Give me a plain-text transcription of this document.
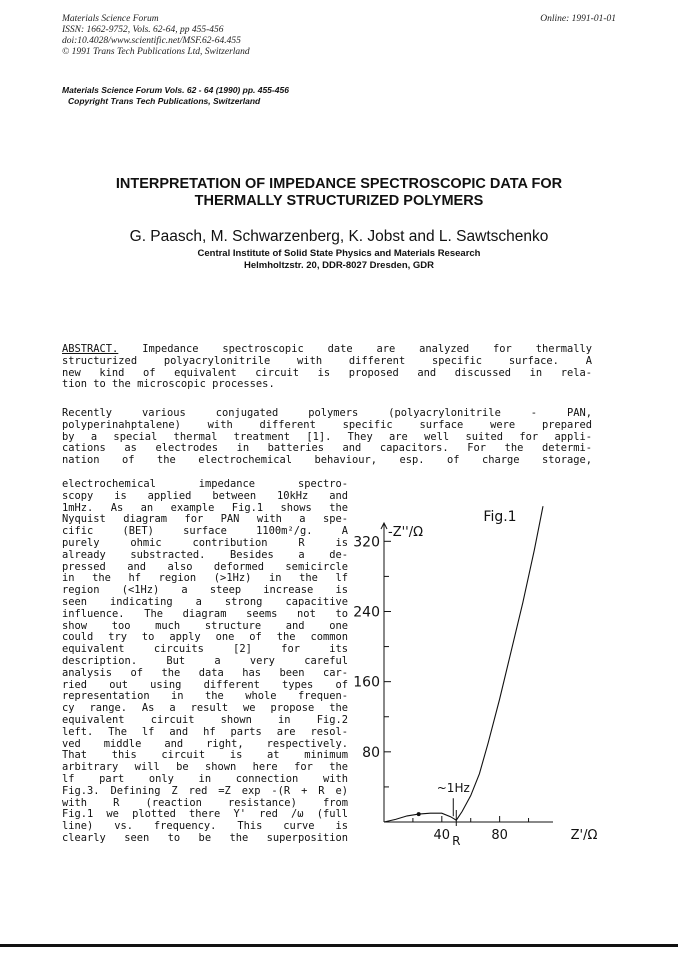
Materials Science Forum
ISSN: 1662-9752, Vols. 62-64, pp 455-456
doi:10.4028/www.scientific.net/MSF.62-64.455
© 1991 Trans Tech Publications Ltd, Switzerland
Online: 1991-01-01
Materials Science Forum Vols. 62 - 64 (1990) pp. 455-456
Copyright Trans Tech Publications, Switzerland
INTERPRETATION OF IMPEDANCE SPECTROSCOPIC DATA FOR
THERMALLY STRUCTURIZED POLYMERS
G. Paasch, M. Schwarzenberg, K. Jobst and L. Sawtschenko
Central Institute of Solid State Physics and Materials Research
Helmholtzstr. 20, DDR-8027 Dresden, GDR
ABSTRACT. Impedance spectroscopic date are analyzed for thermally
structurized polyacrylonitrile with different specific surface. A
new kind of equivalent circuit is proposed and discussed in rela-
tion to the microscopic processes.
Recently various conjugated polymers (polyacrylonitrile - PAN,
polyperinahptalene) with different specific surface were prepared
by a special thermal treatment [1]. They are well suited for appli-
cations as electrodes in batteries and capacitors. For the determi-
nation of the electrochemical behaviour, esp. of charge storage,
electrochemical impedance spectro-
scopy is applied between 10kHz and
1mHz. As an example Fig.1 shows the
Nyquist diagram for PAN with a spe-
cific (BET) surface 1100m²/g. A
purely ohmic contribution R is
already substracted. Besides a de-
pressed and also deformed semicircle
in the hf region (>1Hz) in the lf
region (<1Hz) a steep increase is
seen indicating a strong capacitive
influence. The diagram seems not to
show too much structure and one
could try to apply one of the common
equivalent circuits [2] for its
description. But a very careful
analysis of the data has been car-
ried out using different types of
representation in the whole frequen-
cy range. As a result we propose the
equivalent circuit shown in Fig.2
left. The lf and hf parts are resol-
ved middle and right, respectively.
That this circuit is at minimum
arbitrary will be shown here for the
lf part only in connection with
Fig.3. Defining Z red =Z exp -(R + R e)
with R (reaction resistance) from
Fig.1 we plotted there Y' red /ω (full
line) vs. frequency. This curve is
clearly seen to be the superposition
80
160
240
320
40	80
R
~1Hz
-Z''/Ω
Z'/Ω
Fig.1
